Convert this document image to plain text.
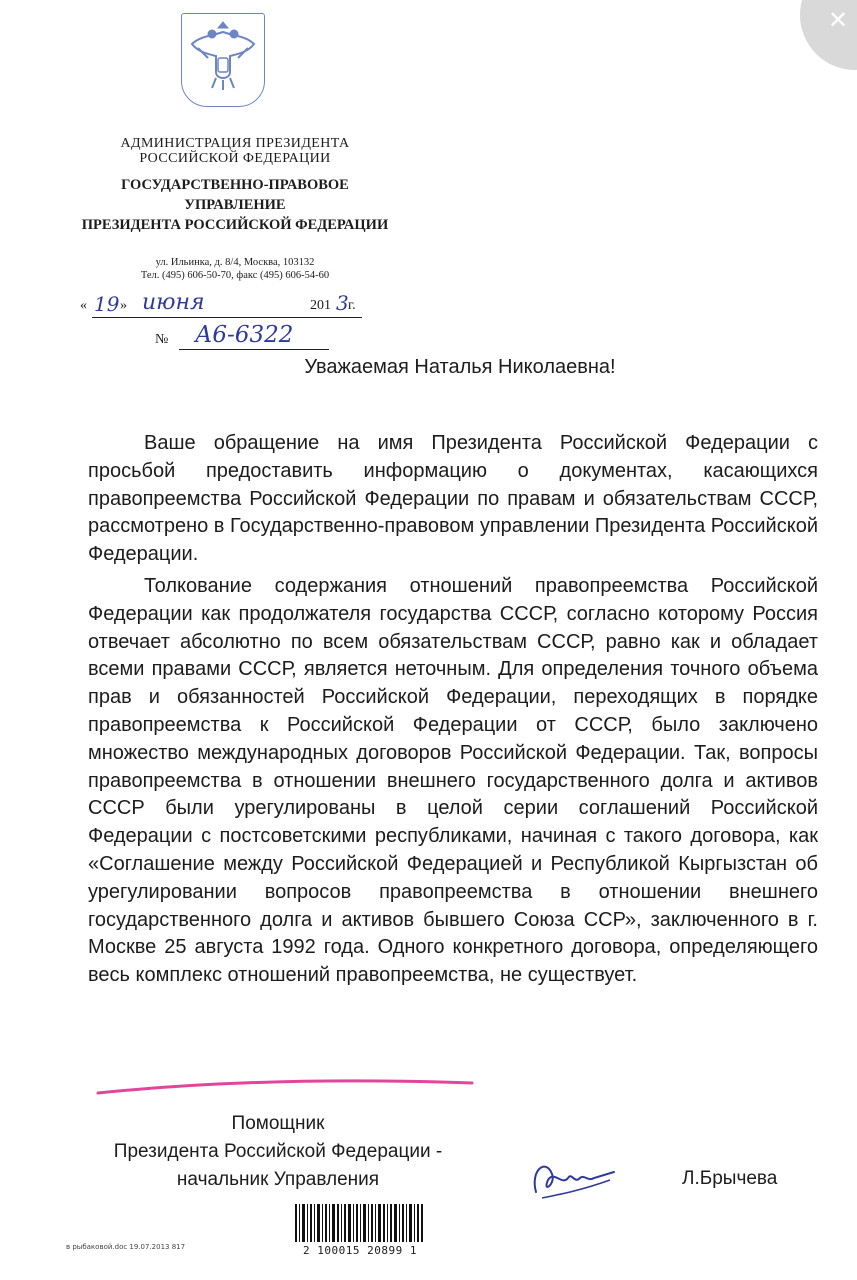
✕
АДМИНИСТРАЦИЯ ПРЕЗИДЕНТА
РОССИЙСКОЙ ФЕДЕРАЦИИ
ГОСУДАРСТВЕННО-ПРАВОВОЕ
УПРАВЛЕНИЕ
ПРЕЗИДЕНТА РОССИЙСКОЙ ФЕДЕРАЦИИ
ул. Ильинка, д. 8/4, Москва, 103132
Тел. (495) 606-50-70, факс (495) 606-54-60
« 19 » июня	201 3 г.
№ А6-6322
Уважаемая Наталья Николаевна!

Ваше обращение на имя Президента Российской Федерации с просьбой предоставить информацию о документах, касающихся правопреемства Российской Федерации по правам и обязательствам СССР, рассмотрено в Государственно-правовом управлении Президента Российской Федерации.

Толкование содержания отношений правопреемства Российской Федерации как продолжателя государства СССР, согласно которому Россия отвечает абсолютно по всем обязательствам СССР, равно как и обладает всеми правами СССР, является неточным. Для определения точного объема прав и обязанностей Российской Федерации, переходящих в порядке правопреемства к Российской Федерации от СССР, было заключено множество международных договоров Российской Федерации. Так, вопросы правопреемства в отношении внешнего государственного долга и активов СССР были урегулированы в целой серии соглашений Российской Федерации с постсоветскими республиками, начиная с такого договора, как «Соглашение между Российской Федерацией и Республикой Кыргызстан об урегулировании вопросов правопреемства в отношении внешнего государственного долга и активов бывшего Союза ССР», заключенного в г. Москве 25 августа 1992 года. Одного конкретного договора, определяющего весь комплекс отношений правопреемства, не существует.

Помощник
Президента Российской Федерации -
начальник Управления	Л.Брычева
в рыбаковой.doc 19.07.2013 817	2 100015 20899 1
